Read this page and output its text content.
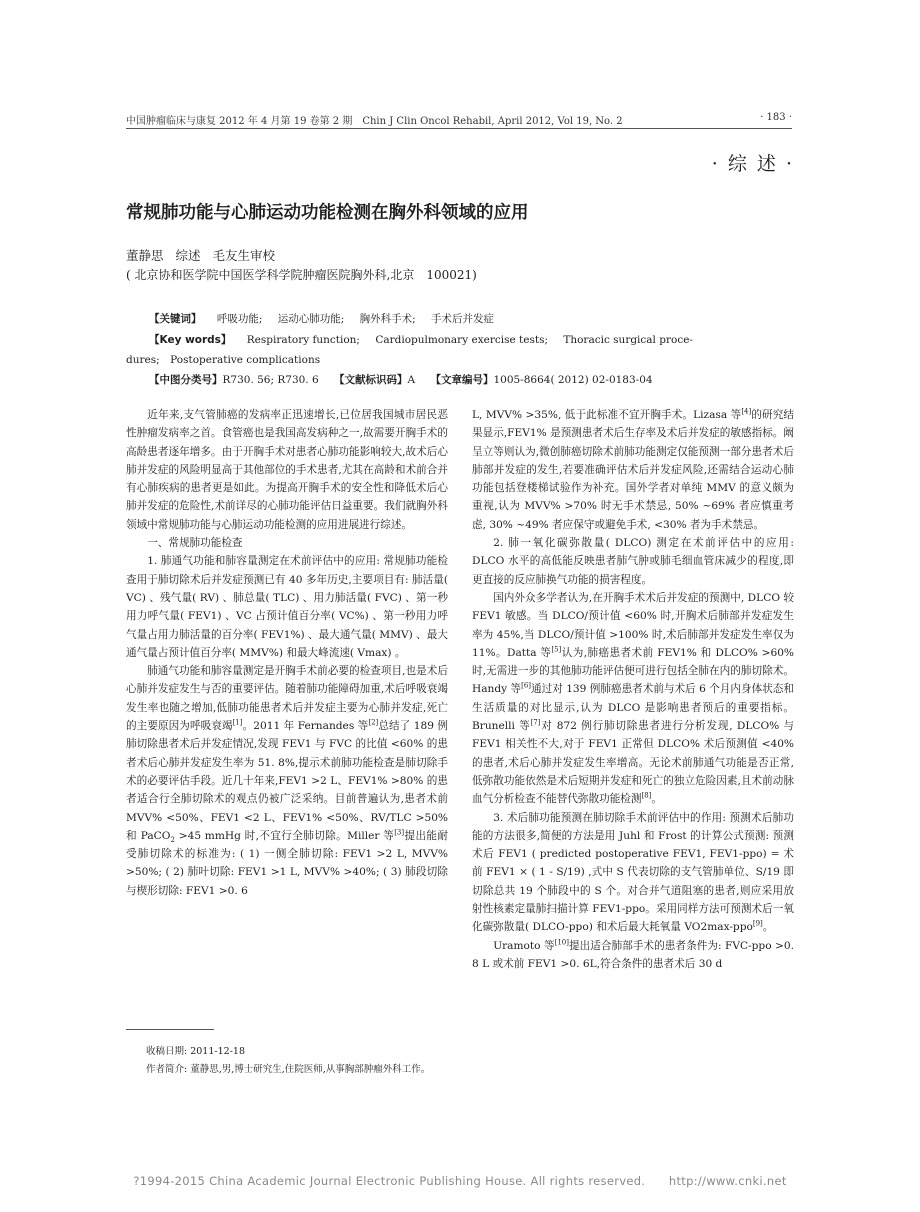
中国肿瘤临床与康复 2012 年 4 月第 19 卷第 2 期　Chin J Clin Oncol Rehabil, April 2012, Vol 19, No. 2	· 183 ·
· 综 述 ·
常规肺功能与心肺运动功能检测在胸外科领域的应用
董静思 综述 毛友生审校
( 北京协和医学院中国医学科学院肿瘤医院胸外科,北京　100021)
【关键词】 呼吸功能; 运动心肺功能; 胸外科手术; 手术后并发症
【Key words】 Respiratory function; Cardiopulmonary exercise tests; Thoracic surgical proce-
dures;　Postoperative complications
【中图分类号】R730. 56; R730. 6 【文献标识码】A 【文章编号】1005-8664( 2012) 02-0183-04

近年来,支气管肺癌的发病率正迅速增长,已位居我国城市居民恶性肿瘤发病率之首。食管癌也是我国高发病种之一,故需要开胸手术的高龄患者逐年增多。由于开胸手术对患者心肺功能影响较大,故术后心肺并发症的风险明显高于其他部位的手术患者,尤其在高龄和术前合并有心肺疾病的患者更是如此。为提高开胸手术的安全性和降低术后心肺并发症的危险性,术前详尽的心肺功能评估日益重要。我们就胸外科领域中常规肺功能与心肺运动功能检测的应用进展进行综述。

一、常规肺功能检查

1. 肺通气功能和肺容量测定在术前评估中的应用: 常规肺功能检查用于肺切除术后并发症预测已有 40 多年历史,主要项目有: 肺活量( VC) 、残气量( RV) 、肺总量( TLC) 、用力肺活量( FVC) 、第一秒用力呼气量( FEV1) 、VC 占预计值百分率( VC%) 、第一秒用力呼气量占用力肺活量的百分率( FEV1%) 、最大通气量( MMV) 、最大通气量占预计值百分率( MMV%) 和最大峰流速( Vmax) 。

肺通气功能和肺容量测定是开胸手术前必要的检查项目,也是术后心肺并发症发生与否的重要评估。随着肺功能障碍加重,术后呼吸衰竭发生率也随之增加,低肺功能患者术后并发症主要为心肺并发症,死亡的主要原因为呼吸衰竭[1]。2011 年 Fernandes 等[2]总结了 189 例肺切除患者术后并发症情况,发现 FEV1 与 FVC 的比值 <60% 的患者术后心肺并发症发生率为 51. 8%,提示术前肺功能检查是肺切除手术的必要评估手段。近几十年来,FEV1 >2 L、FEV1% >80% 的患者适合行全肺切除术的观点仍被广泛采纳。目前普遍认为,患者术前 MVV% <50%、FEV1 <2 L、FEV1% <50%、RV/TLC >50% 和 PaCO$_2$ >45 mmHg 时,不宜行全肺切除。Miller 等[3]提出能耐受肺切除术的标准为: ( 1) 一侧全肺切除: FEV1 >2 L, MVV% >50%; ( 2) 肺叶切除: FEV1 >1 L, MVV% >40%; ( 3) 肺段切除与楔形切除: FEV1 >0. 6

收稿日期: 2011-12-18
作者简介: 董静思,男,博士研究生,住院医师,从事胸部肿瘤外科工作。

L, MVV% >35%, 低于此标准不宜开胸手术。Lizasa 等[4]的研究结果显示,FEV1% 是预测患者术后生存率及术后并发症的敏感指标。阚呈立等则认为,微创肺癌切除术前肺功能测定仅能预测一部分患者术后肺部并发症的发生,若要准确评估术后并发症风险,还需结合运动心肺功能包括登楼梯试验作为补充。国外学者对单纯 MMV 的意义颇为重视,认为 MVV% >70% 时无手术禁忌, 50% ~69% 者应慎重考虑, 30% ~49% 者应保守或避免手术, <30% 者为手术禁忌。

2. 肺一氧化碳弥散量( DLCO) 测定在术前评估中的应用: DLCO 水平的高低能反映患者肺气肿或肺毛细血管床减少的程度,即更直接的反应肺换气功能的损害程度。

国内外众多学者认为,在开胸手术术后并发症的预测中, DLCO 较 FEV1 敏感。当 DLCO/预计值 <60% 时,开胸术后肺部并发症发生率为 45%,当 DLCO/预计值 >100% 时,术后肺部并发症发生率仅为 11%。Datta 等[5]认为,肺癌患者术前 FEV1% 和 DLCO% >60% 时,无需进一步的其他肺功能评估便可进行包括全肺在内的肺切除术。Handy 等[6]通过对 139 例肺癌患者术前与术后 6 个月内身体状态和生活质量的对比显示,认为 DLCO 是影响患者预后的重要指标。Brunelli 等[7]对 872 例行肺切除患者进行分析发现, DLCO% 与 FEV1 相关性不大,对于 FEV1 正常但 DLCO% 术后预测值 <40% 的患者,术后心肺并发症发生率增高。无论术前肺通气功能是否正常,低弥散功能依然是术后短期并发症和死亡的独立危险因素,且术前动脉血气分析检查不能替代弥散功能检测[8]。

3. 术后肺功能预测在肺切除手术前评估中的作用: 预测术后肺功能的方法很多,简便的方法是用 Juhl 和 Frost 的计算公式预测: 预测术后 FEV1 ( predicted postoperative FEV1, FEV1-ppo) = 术前 FEV1 × ( 1 - S/19) ,式中 S 代表切除的支气管肺单位、S/19 即切除总共 19 个肺段中的 S 个。对合并气道阻塞的患者,则应采用放射性核素定量肺扫描计算 FEV1-ppo。采用同样方法可预测术后一氧化碳弥散量( DLCO-ppo) 和术后最大耗氧量 VO2max-ppo[9]。

Uramoto 等[10]提出适合肺部手术的患者条件为: FVC-ppo >0. 8 L 或术前 FEV1 >0. 6L,符合条件的患者术后 30 d

?1994-2015 China Academic Journal Electronic Publishing House. All rights reserved.　　http://www.cnki.net
